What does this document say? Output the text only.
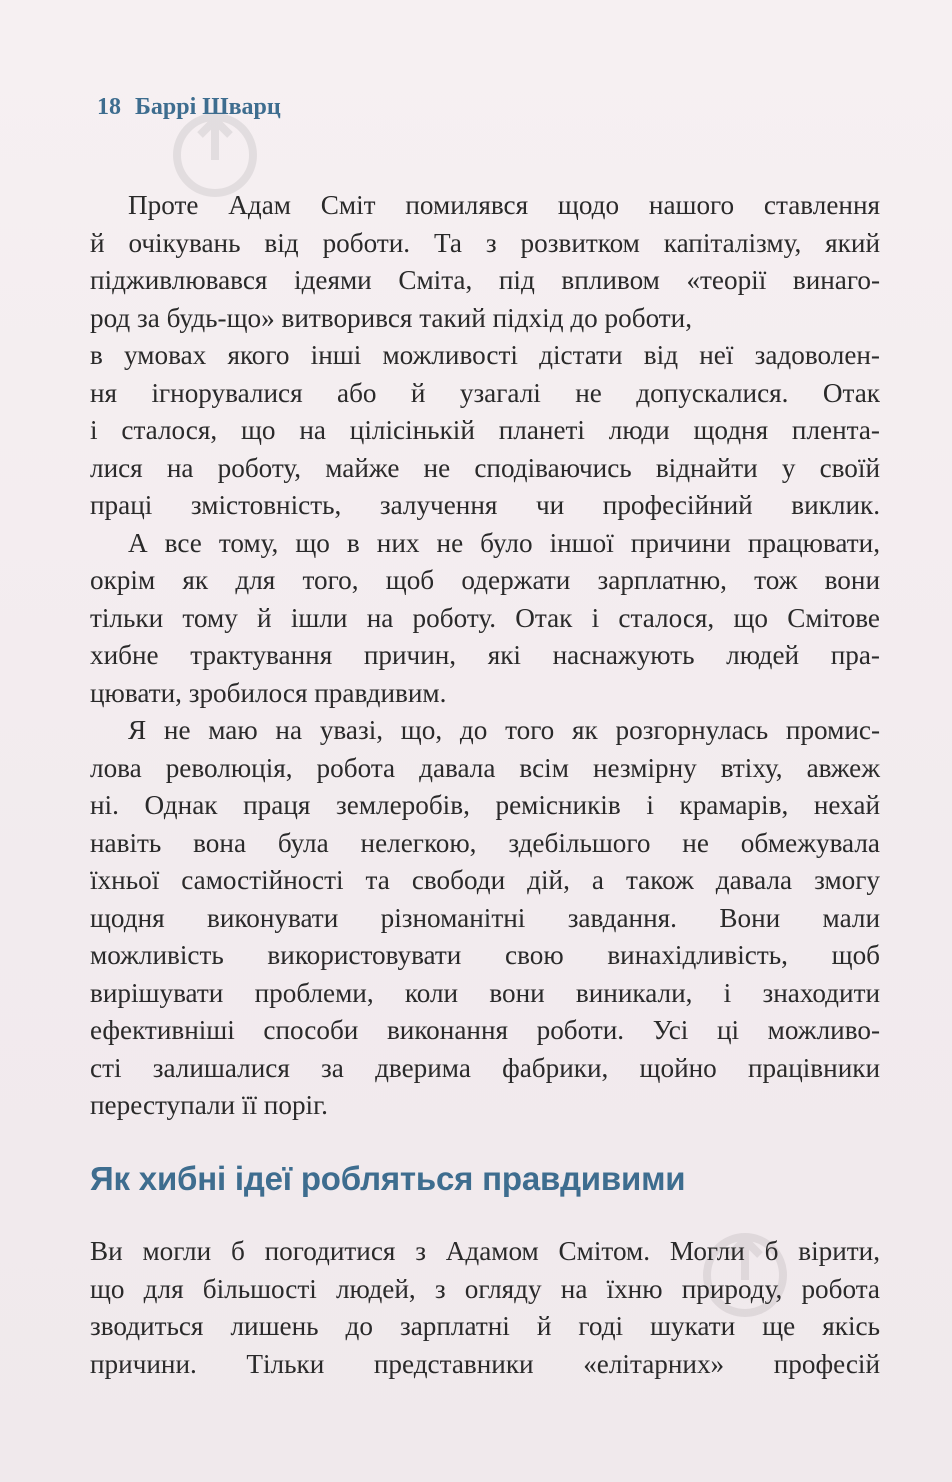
18 Баррі Шварц
Проте Адам Сміт помилявся щодо нашого ставлення
й очікувань від роботи. Та з розвитком капіталізму, який
підживлювався ідеями Сміта, під впливом «теорії винаго-
род за будь-що» витворився такий підхід до роботи,
в умовах якого інші можливості дістати від неї задоволен-
ня ігнорувалися або й узагалі не допускалися. Отак
і сталося, що на цілісінькій планеті люди щодня плента-
лися на роботу, майже не сподіваючись віднайти у своїй
праці змістовність, залучення чи професійний виклик.
А все тому, що в них не було іншої причини працювати,
окрім як для того, щоб одержати зарплатню, тож вони
тільки тому й ішли на роботу. Отак і сталося, що Смітове
хибне трактування причин, які наснажують людей пра-
цювати, зробилося правдивим.
Я не маю на увазі, що, до того як розгорнулась промис-
лова революція, робота давала всім незмірну втіху, авжеж
ні. Однак праця землеробів, ремісників і крамарів, нехай
навіть вона була нелегкою, здебільшого не обмежувала
їхньої самостійності та свободи дій, а також давала змогу
щодня виконувати різноманітні завдання. Вони мали
можливість використовувати свою винахідливість, щоб
вирішувати проблеми, коли вони виникали, і знаходити
ефективніші способи виконання роботи. Усі ці можливо-
сті залишалися за дверима фабрики, щойно працівники
переступали її поріг.
Як хибні ідеї робляться правдивими
Ви могли б погодитися з Адамом Смітом. Могли б вірити,
що для більшості людей, з огляду на їхню природу, робота
зводиться лишень до зарплатні й годі шукати ще якісь
причини. Тільки представники «елітарних» професій
